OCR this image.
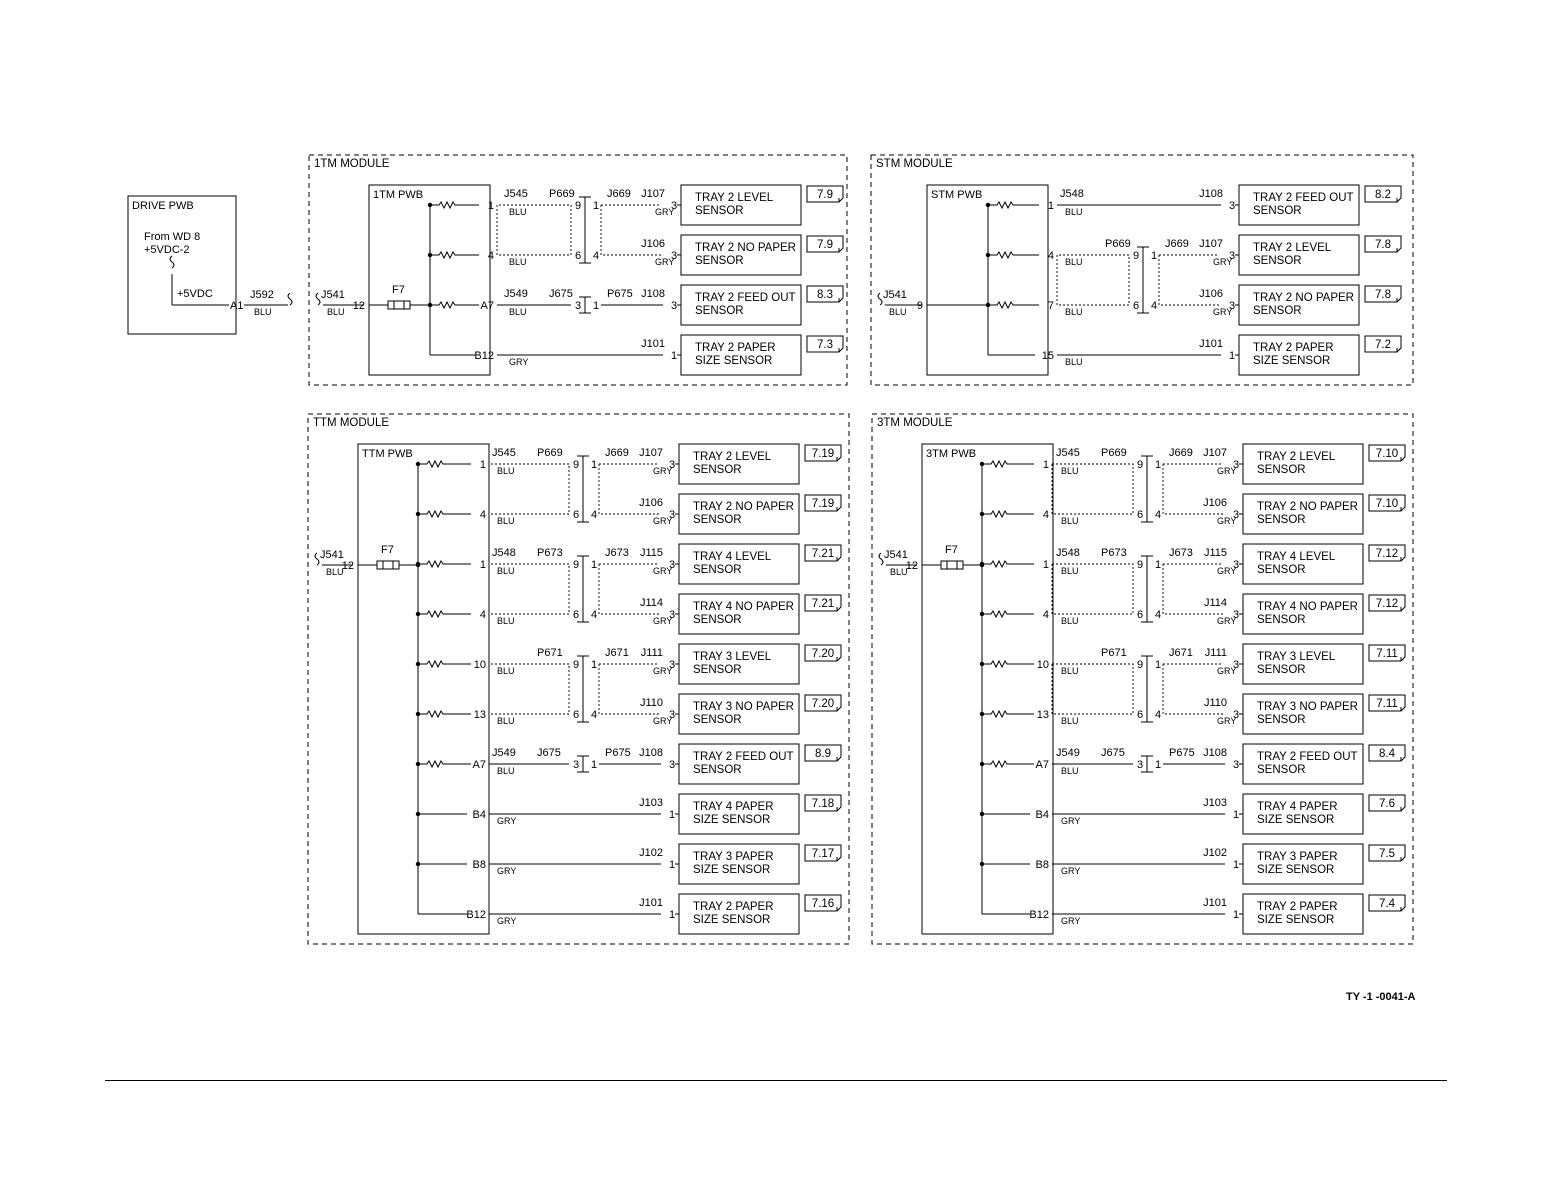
DRIVE PWB
From WD 8
+5VDC-2
+5VDC
A1
J592
BLU
1TM MODULE
1TM PWB
J541
BLU 12
F7
1
J545 P669	J669 J107
BLU	9 1	GRY
3
TRAY 2 LEVEL
SENSOR
7.9
4
J106
BLU	6 4	GRY
3
TRAY 2 NO PAPER
SENSOR
7.9
A7
J549 J675	P675 J108
BLU	3 1	3
TRAY 2 FEED OUT
SENSOR
8.3
B12
J101
GRY	1
TRAY 2 PAPER
SIZE SENSOR
7.3
STM MODULE
STM PWB
J541
BLU 9
1
J548	J108
BLU	3
TRAY 2 FEED OUT
SENSOR
8.2
4
P669	J669 J107
BLU	9 1	GRY
3
TRAY 2 LEVEL
SENSOR
7.8
7
J106
BLU	6 4	GRY
3
TRAY 2 NO PAPER
SENSOR
7.8
15
J101
BLU	1
TRAY 2 PAPER
SIZE SENSOR
7.2
TTM MODULE
TTM PWB
J541
BLU
12
F7
1
J545 P669	J669 J107
BLU	9 1	GRY
3
TRAY 2 LEVEL
SENSOR
7.19
4
J106
BLU	6 4	GRY
3
TRAY 2 NO PAPER
SENSOR
7.19
1
J548 P673	J673 J115
BLU	9 1	GRY
3
TRAY 4 LEVEL
SENSOR
7.21
4
J114
BLU	6 4	GRY
3
TRAY 4 NO PAPER
SENSOR
7.21
10
P671	J671 J111
BLU	9 1	GRY
3
TRAY 3 LEVEL
SENSOR
7.20
13
J110
BLU	6 4	GRY
3
TRAY 3 NO PAPER
SENSOR
7.20
A7
J549 J675	P675 J108
BLU	3 1	3
TRAY 2 FEED OUT
SENSOR
8.9
B4
J103
GRY	1
TRAY 4 PAPER
SIZE SENSOR
7.18
B8
J102
GRY	1
TRAY 3 PAPER
SIZE SENSOR
7.17
B12
J101
GRY	1
TRAY 2 PAPER
SIZE SENSOR
7.16
3TM MODULE
3TM PWB
J541
BLU
12
F7
1
J545 P669	J669 J107
BLU	9 1	GRY
3
TRAY 2 LEVEL
SENSOR
7.10
4
J106
BLU	6 4	GRY
3
TRAY 2 NO PAPER
SENSOR
7.10
1
J548 P673	J673 J115
BLU	9 1	GRY
3
TRAY 4 LEVEL
SENSOR
7.12
4
J114
BLU	6 4	GRY
3
TRAY 4 NO PAPER
SENSOR
7.12
10
P671	J671 J111
BLU	9 1	GRY
3
TRAY 3 LEVEL
SENSOR
7.11
13
J110
BLU	6 4	GRY
3
TRAY 3 NO PAPER
SENSOR
7.11
A7
J549 J675	P675 J108
BLU	3 1	3
TRAY 2 FEED OUT
SENSOR
8.4
B4
J103
GRY	1
TRAY 4 PAPER
SIZE SENSOR
7.6
B8
J102
GRY	1
TRAY 3 PAPER
SIZE SENSOR
7.5
B12
J101
GRY	1
TRAY 2 PAPER
SIZE SENSOR
7.4
TY -1 -0041-A
